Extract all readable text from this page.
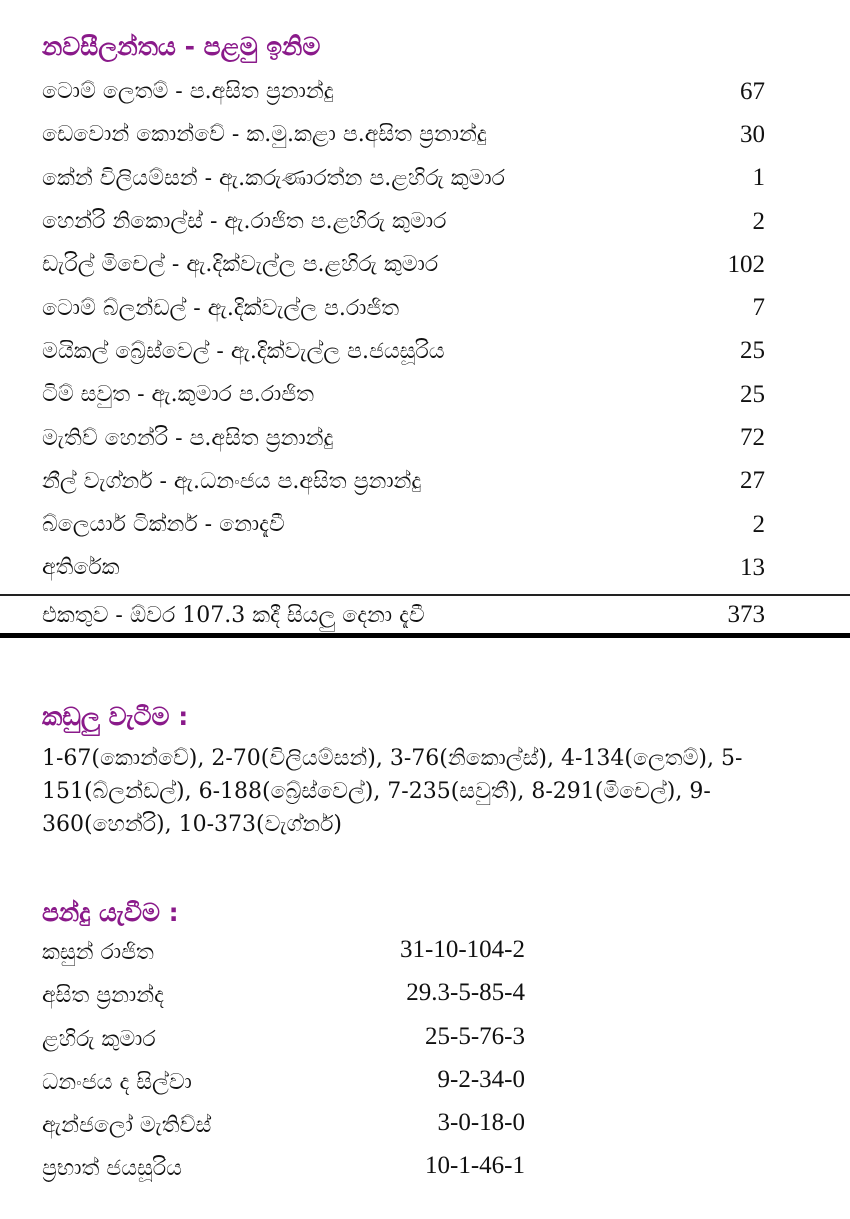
නවසීලන්තය - පළමු ඉනිම
ටොම් ලෙතම් - ප.අසිත ප්‍රනාන්දු	67
ඩෙවොන් කොන්වේ - ක.මු.කළා ප.අසිත ප්‍රනාන්දු	30
කේන් විලියම්සන් - ඇ.කරුණාරත්න ප.ළහිරු කුමාර	1
හෙන්රි නිකොල්ස් - ඇ.රාජිත ප.ළහිරු කුමාර	2
ඩැරිල් මිචෙල් - ඇ.දික්වැල්ල ප.ළහිරු කුමාර	102
ටොම් බ්ලන්ඩල් - ඇ.දික්වැල්ල ප.රාජිත	7
මයිකල් බ්‍රේස්වෙල් - ඇ.දික්වැල්ල ප.ජයසූරිය	25
ටිම් සවුත - ඇ.කුමාර ප.රාජිත	25
මැතිව් හෙන්රි - ප.අසිත ප්‍රනාන්දු	72
නීල් වැග්නර් - ඇ.ධනංජය ප.අසිත ප්‍රනාන්දු	27
බ්ලෙයාර් ටික්නර් - නොදැවී	2
අතිරේක	13
එකතුව - ඕවර 107.3 කදී සියලු දෙනා දැවී	373
කඩුලු වැටීම :
1-67(කොන්වේ), 2-70(විලියම්සන්), 3-76(නිකොල්ස්), 4-134(ලෙතම්), 5-151(බ්ලන්ඩල්), 6-188(බ්‍රේස්වෙල්), 7-235(සවුතී), 8-291(මිචෙල්), 9-360(හෙන්රි), 10-373(වැග්නර්)
පන්දු යැවීම :
කසුන් රාජිත	31-10-104-2
අසිත ප්‍රනාන්ද	29.3-5-85-4
ළහිරු කුමාර	25-5-76-3
ධනංජය ද සිල්වා	9-2-34-0
ඇන්ජලෝ මැතිව්ස්	3-0-18-0
ප්‍රභාත් ජයසූරිය	10-1-46-1
